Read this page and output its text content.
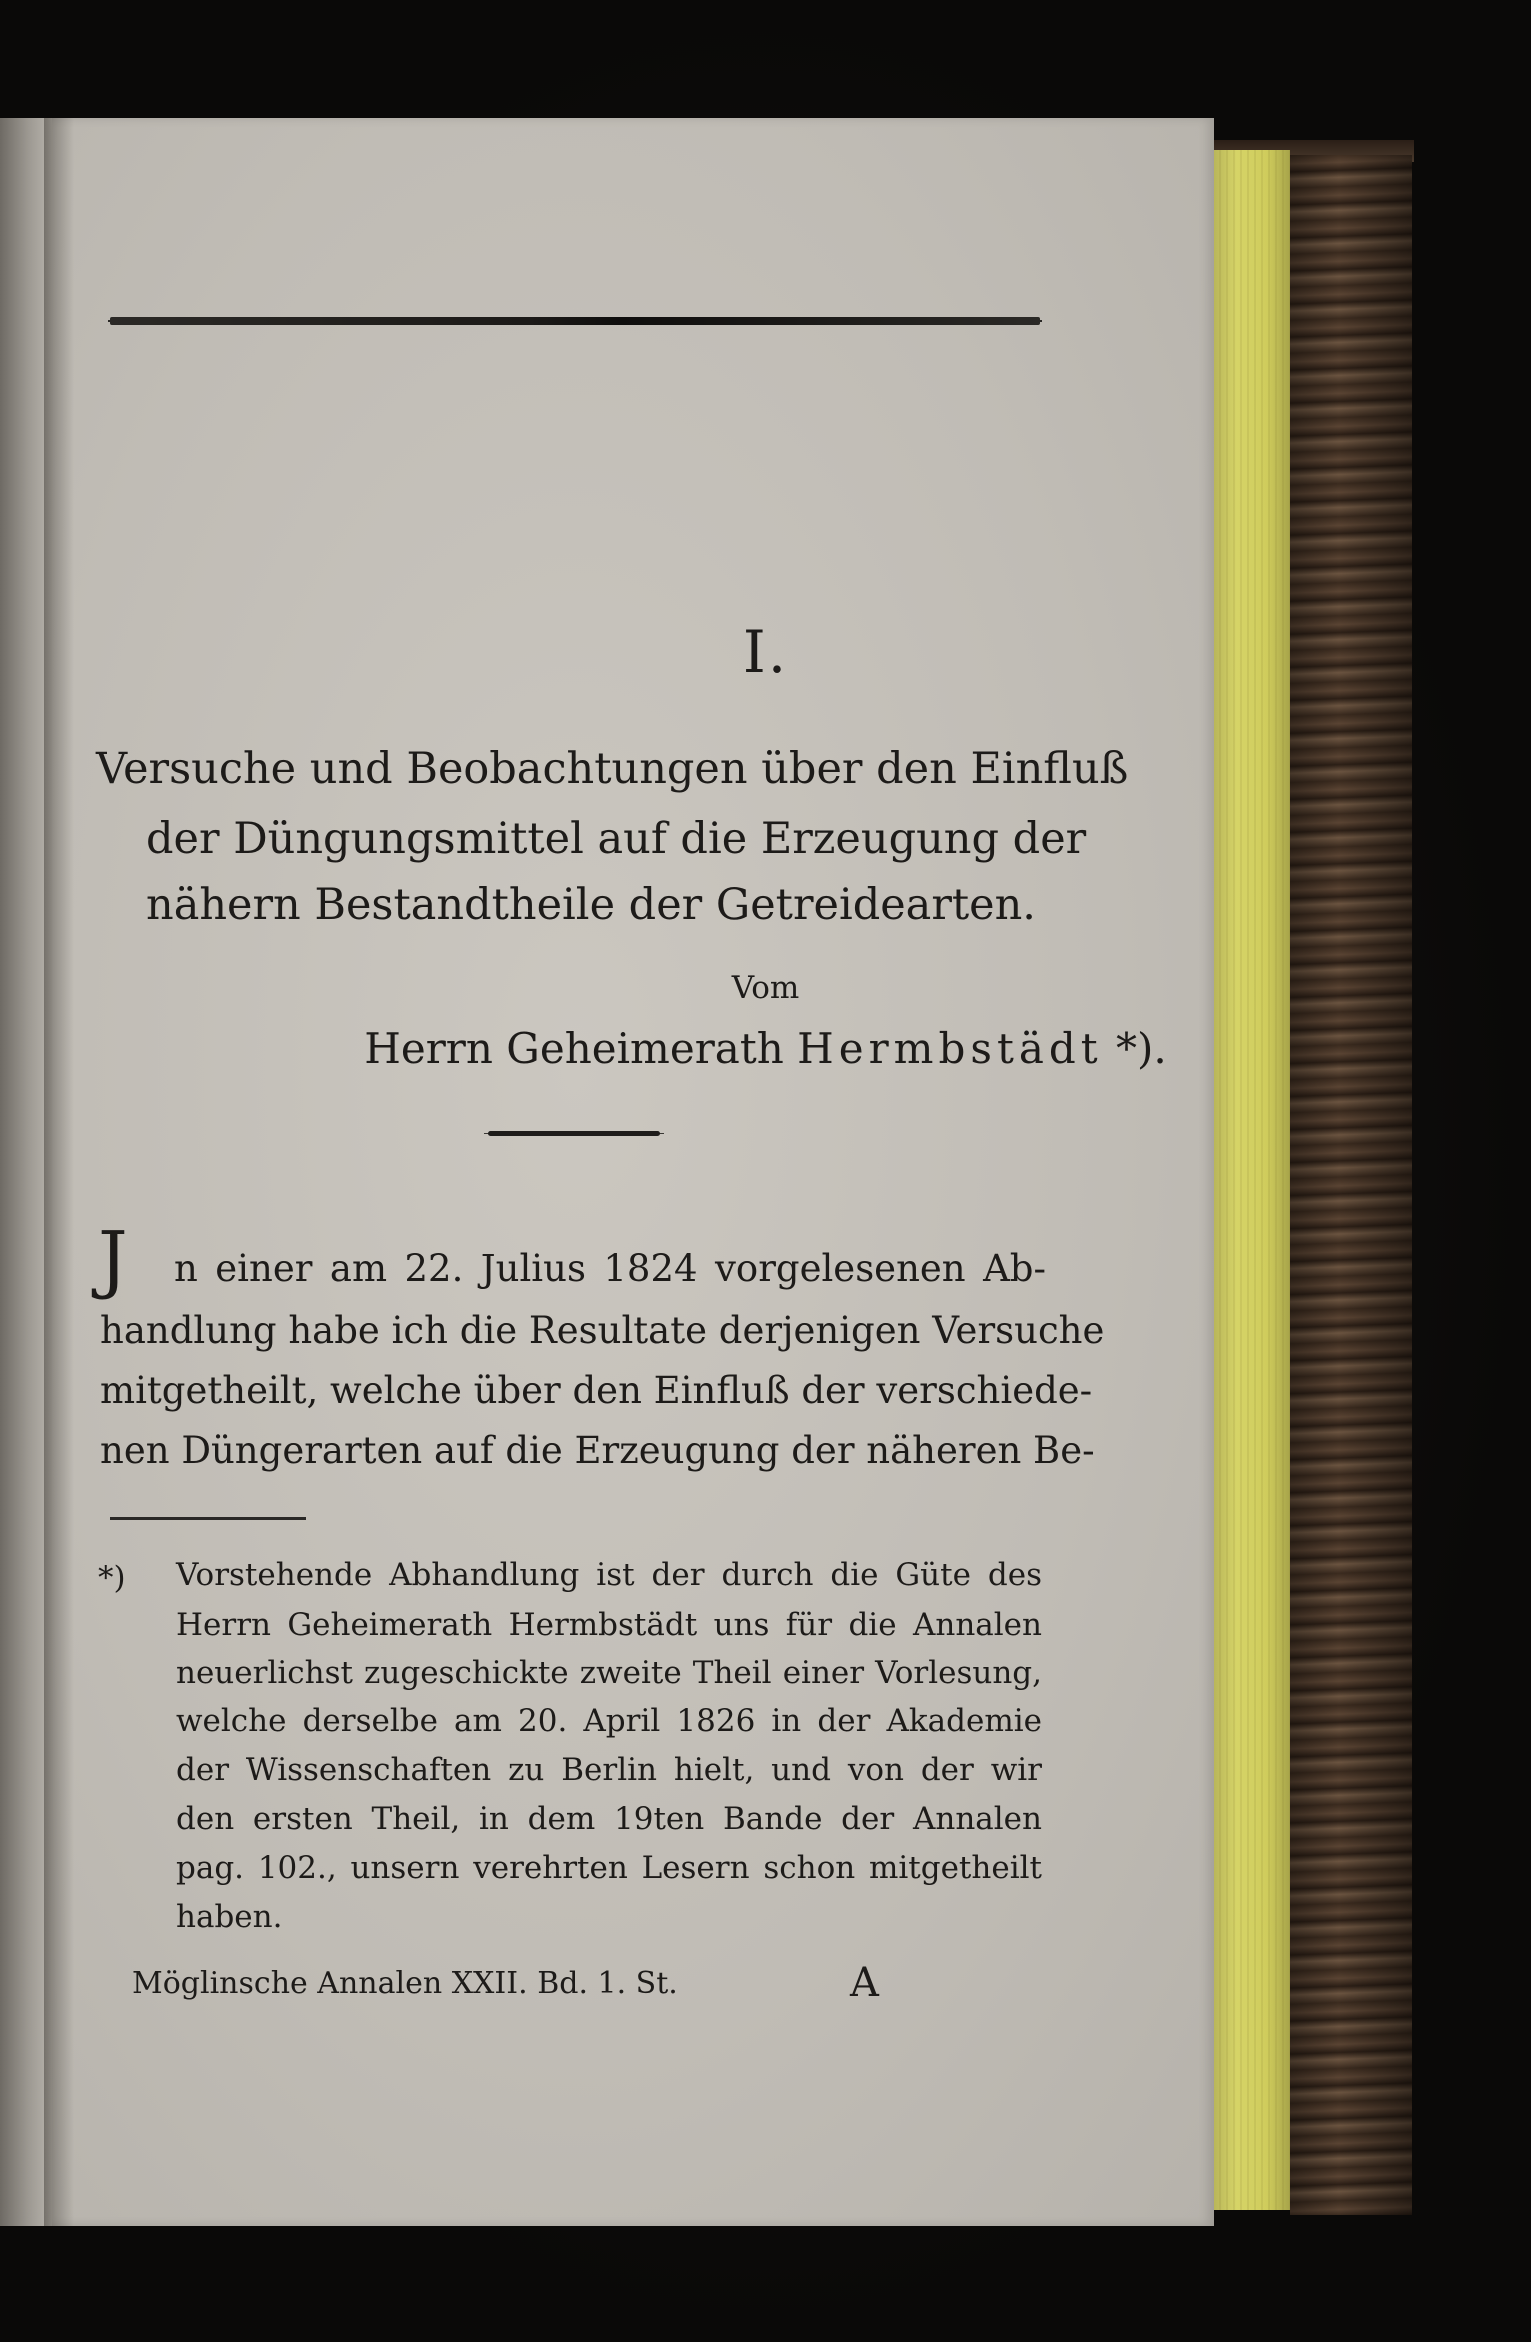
I.
Versuche und Beobachtungen über den Einfluß
der Düngungsmittel auf die Erzeugung der
nähern Bestandtheile der Getreidearten.
Vom
Herrn Geheimerath Hermbstädt *).
J n einer am 22. Julius 1824 vorgelesenen Ab-
handlung habe ich die Resultate derjenigen Versuche
mitgetheilt, welche über den Einfluß der verschiede-
nen Düngerarten auf die Erzeugung der näheren Be-
*) Vorstehende Abhandlung ist der durch die Güte des
Herrn Geheimerath Hermbstädt uns für die Annalen
neuerlichst zugeschickte zweite Theil einer Vorlesung,
welche derselbe am 20. April 1826 in der Akademie
der Wissenschaften zu Berlin hielt, und von der wir
den ersten Theil, in dem 19ten Bande der Annalen
pag. 102., unsern verehrten Lesern schon mitgetheilt
haben.
Möglinsche Annalen XXII. Bd. 1. St.	A
